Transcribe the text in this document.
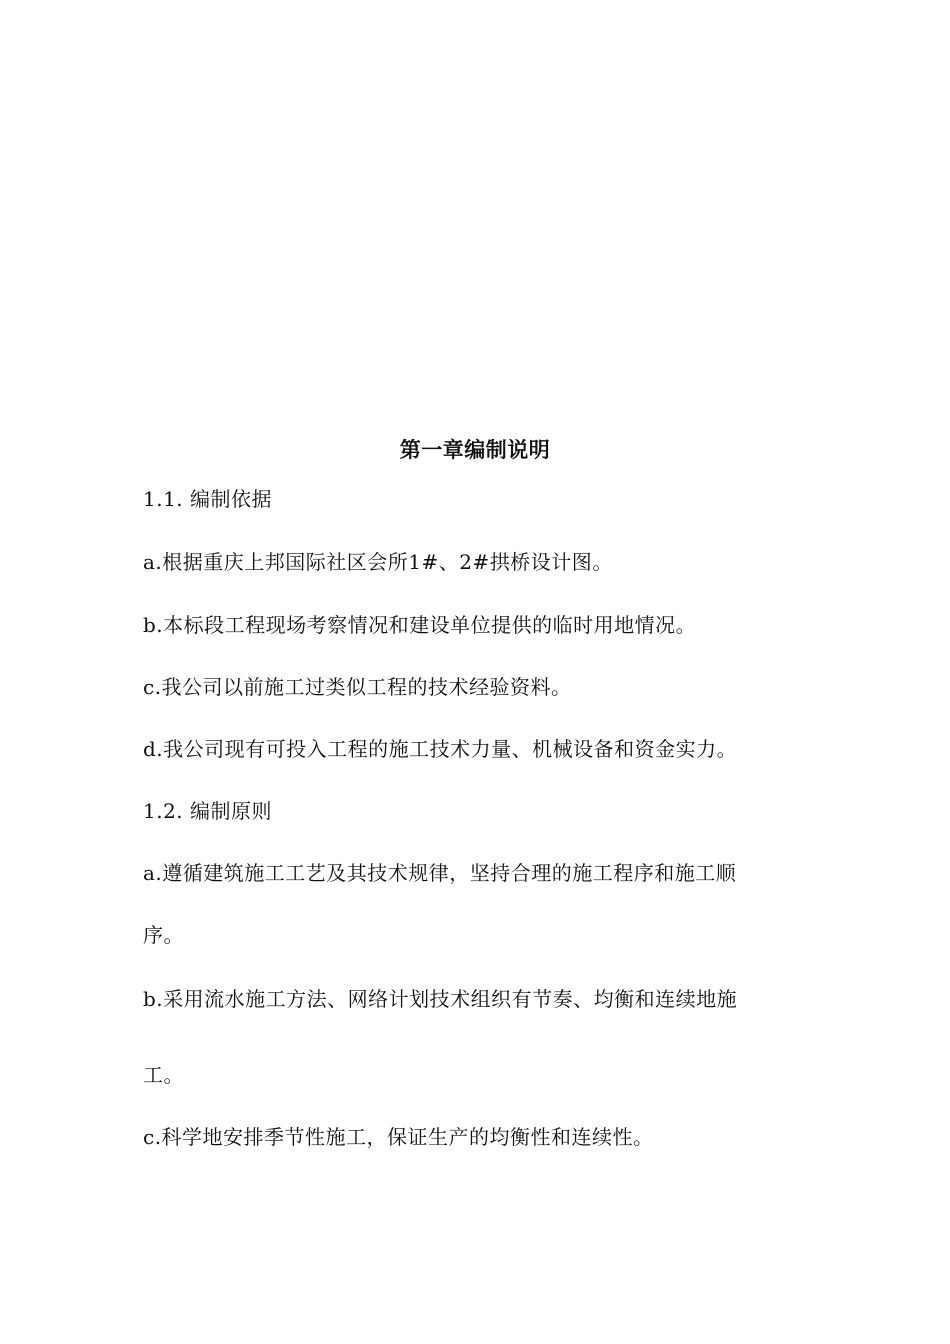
第一章编制说明
1.1. 编制依据
a.根据重庆上邦国际社区会所1#、2#拱桥设计图。
b.本标段工程现场考察情况和建设单位提供的临时用地情况。
c.我公司以前施工过类似工程的技术经验资料。
d.我公司现有可投入工程的施工技术力量、机械设备和资金实力。
1.2. 编制原则
a.遵循建筑施工工艺及其技术规律，坚持合理的施工程序和施工顺
序。
b.采用流水施工方法、网络计划技术组织有节奏、均衡和连续地施
工。
c.科学地安排季节性施工，保证生产的均衡性和连续性。
